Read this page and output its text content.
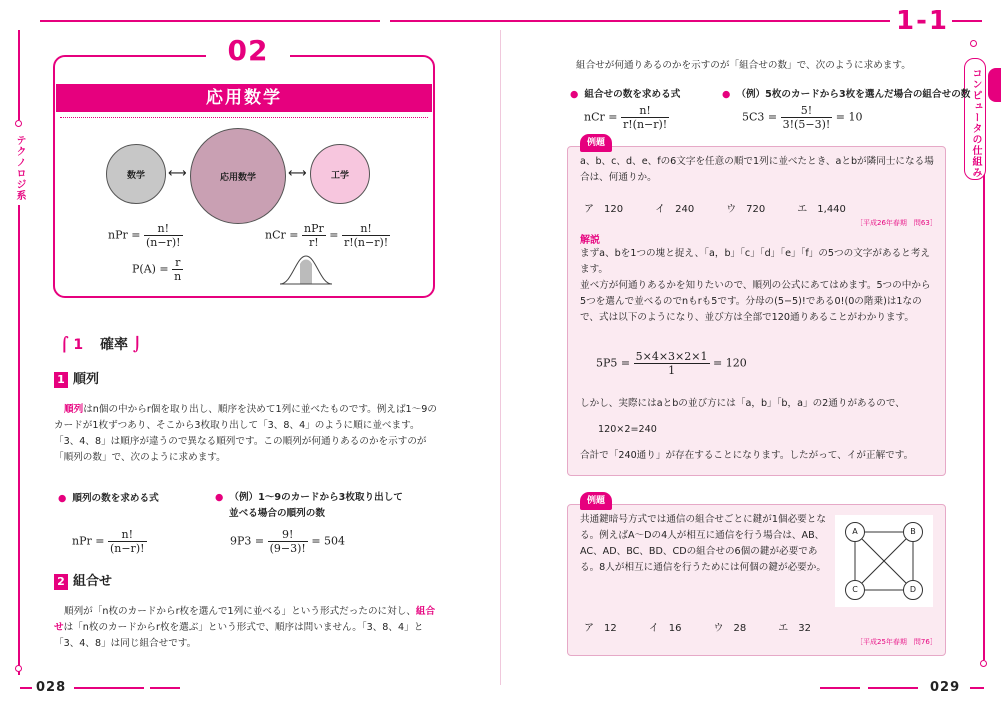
テクノロジ系
028
02
応用数学
数学 ⟷	応用数学 ⟷	工学
nPr = $\frac{n!}{(n-r)!}$
$P(A) = \frac{r}{n}$
nCr = $\frac{\text{nPr}}{r!} = \frac{n!}{r!(n-r)!}$
⌠ 1 確率 ⌡
1 順列
順列はn個の中からr個を取り出し、順序を決めて1列に並べたものです。例えば1〜9のカードが1枚ずつあり、そこから3枚取り出して「3、8、4」のように順に並べます。「3、4、8」は順序が違うので異なる順列です。この順列が何通りあるのかを示すのが「順列の数」で、次のように求めます。
● 順列の数を求める式	● （例）1〜9のカードから3枚取り出して
並べる場合の順列の数
nPr = $\frac{n!}{(n-r)!}$	$9P3 = \frac{9!}{(9-3)!} = 504$
2 組合せ
順列が「n枚のカードからr枚を選んで1列に並べる」という形式だったのに対し、組合せは「n枚のカードからr枚を選ぶ」という形式で、順序は問いません。「3、8、4」と「3、4、8」は同じ組合せです。
1-1
コンピュータの仕組み
029
組合せが何通りあるのかを示すのが「組合せの数」で、次のように求めます。
● 組合せの数を求める式	● （例）5枚のカードから3枚を選んだ場合の組合せの数
nCr = $\frac{n!}{r!(n-r)!}$	$5C3 = \frac{5!}{3!(5-3)!} = 10$
例題
a、b、c、d、e、fの6文字を任意の順で1列に並べたとき、aとbが隣同士になる場合は、何通りか。
ア　120	イ　240	ウ　720	エ　1,440
［平成26年春期　問63］
解説
まずa、bを1つの塊と捉え、「a，b」「c」「d」「e」「f」の5つの文字があると考えます。
並べ方が何通りあるかを知りたいので、順列の公式にあてはめます。5つの中から5つを選んで並べるのでnもrも5です。分母の(5−5)!である0!(0の階乗)は1なので、式は以下のようになり、並び方は全部で120通りあることがわかります。
$5P5 = \frac{5\times 4\times 3\times 2\times 1}{1} = 120$
しかし、実際にはaとbの並び方には「a，b」「b，a」の2通りがあるので、
120×2=240
合計で「240通り」が存在することになります。したがって、イが正解です。
例題
共通鍵暗号方式では通信の組合せごとに鍵が1個必要となる。例えばA〜Dの4人が相互に通信を行う場合は、AB、AC、AD、BC、BD、CDの組合せの6個の鍵が必要である。8人が相互に通信を行うためには何個の鍵が必要か。
A	B
C	D
ア　12	イ　16	ウ　28	エ　32
［平成25年春期　問76］
